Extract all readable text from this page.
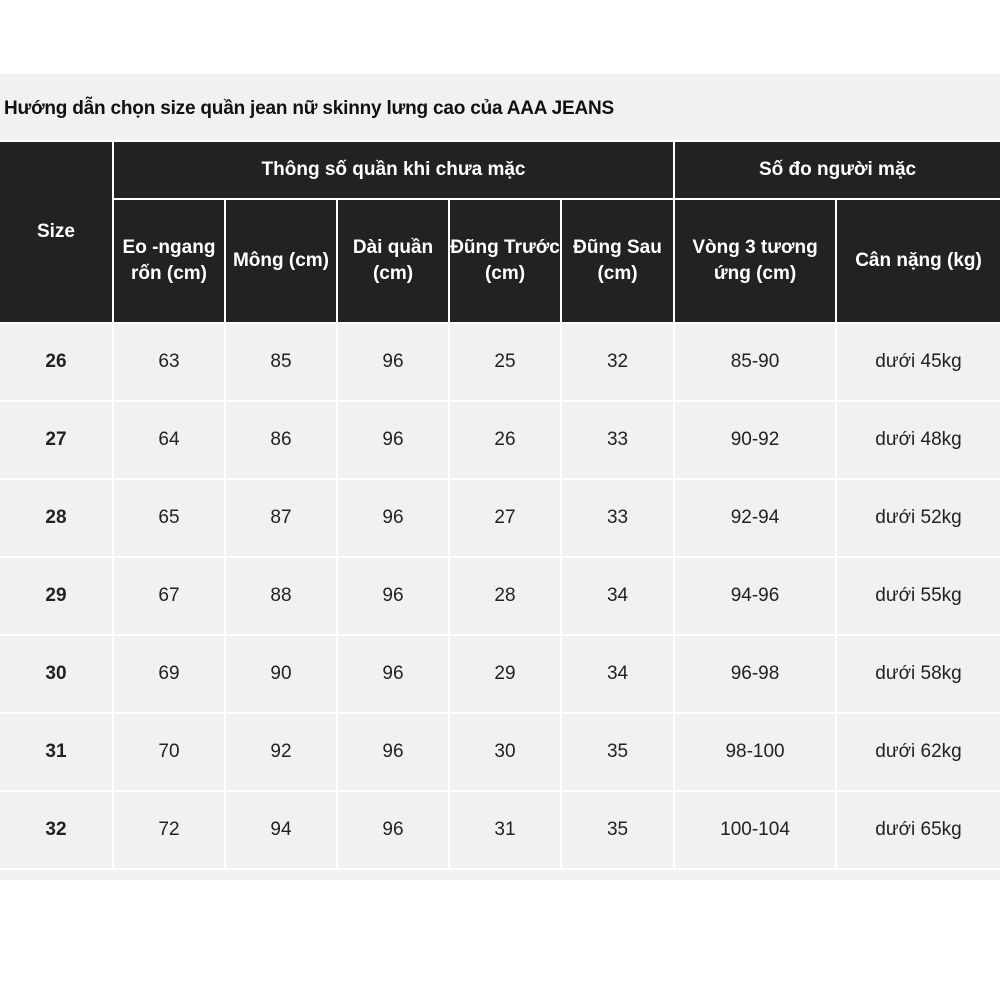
Hướng dẫn chọn size quần jean nữ skinny lưng cao của AAA JEANS
Size	Thông số quần khi chưa mặc					Số đo người mặc	
	Eo -ngang rốn (cm)	Mông (cm)	Dài quần (cm)	Đũng Trước (cm)	Đũng Sau (cm)	Vòng 3 tương ứng (cm)	Cân nặng (kg)
26	63	85	96	25	32	85-90	dưới 45kg
27	64	86	96	26	33	90-92	dưới 48kg
28	65	87	96	27	33	92-94	dưới 52kg
29	67	88	96	28	34	94-96	dưới 55kg
30	69	90	96	29	34	96-98	dưới 58kg
31	70	92	96	30	35	98-100	dưới 62kg
32	72	94	96	31	35	100-104	dưới 65kg
